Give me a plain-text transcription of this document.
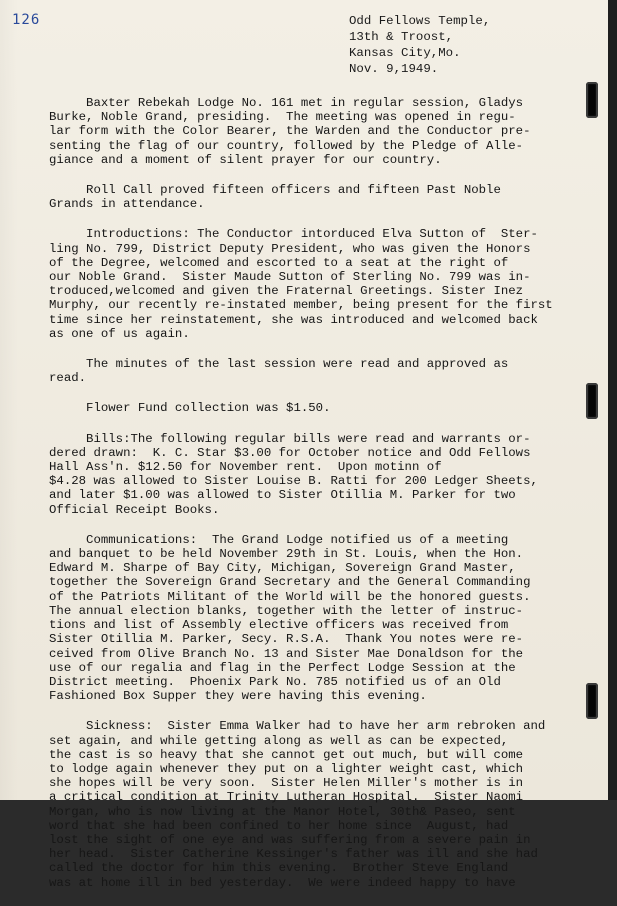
126	Odd Fellows Temple,
13th & Troost,
Kansas City,Mo.
Nov. 9,1949.
Baxter Rebekah Lodge No. 161 met in regular session, Gladys
Burke, Noble Grand, presiding.  The meeting was opened in regu-
lar form with the Color Bearer, the Warden and the Conductor pre-
senting the flag of our country, followed by the Pledge of Alle-
giance and a moment of silent prayer for our country.
Roll Call proved fifteen officers and fifteen Past Noble
Grands in attendance.
Introductions: The Conductor intorduced Elva Sutton of  Ster-
ling No. 799, District Deputy President, who was given the Honors
of the Degree, welcomed and escorted to a seat at the right of
our Noble Grand.  Sister Maude Sutton of Sterling No. 799 was in-
troduced,welcomed and given the Fraternal Greetings. Sister Inez
Murphy, our recently re-instated member, being present for the first
time since her reinstatement, she was introduced and welcomed back
as one of us again.
The minutes of the last session were read and approved as
read.
Flower Fund collection was $1.50.
Bills:The following regular bills were read and warrants or-
dered drawn:  K. C. Star $3.00 for October notice and Odd Fellows
Hall Ass'n. $12.50 for November rent.  Upon motinn of
$4.28 was allowed to Sister Louise B. Ratti for 200 Ledger Sheets,
and later $1.00 was allowed to Sister Otillia M. Parker for two
Official Receipt Books.
Communications:  The Grand Lodge notified us of a meeting
and banquet to be held November 29th in St. Louis, when the Hon.
Edward M. Sharpe of Bay City, Michigan, Sovereign Grand Master,
together the Sovereign Grand Secretary and the General Commanding
of the Patriots Militant of the World will be the honored guests.
The annual election blanks, together with the letter of instruc-
tions and list of Assembly elective officers was received from
Sister Otillia M. Parker, Secy. R.S.A.  Thank You notes were re-
ceived from Olive Branch No. 13 and Sister Mae Donaldson for the
use of our regalia and flag in the Perfect Lodge Session at the
District meeting.  Phoenix Park No. 785 notified us of an Old
Fashioned Box Supper they were having this evening.
Sickness:  Sister Emma Walker had to have her arm rebroken and
set again, and while getting along as well as can be expected,
the cast is so heavy that she cannot get out much, but will come
to lodge again whenever they put on a lighter weight cast, which
she hopes will be very soon.  Sister Helen Miller's mother is in
a critical condition at Trinity Lutheran Hospital.  Sister Naomi
Morgan, who is now living at the Manor Hotel, 30th& Paseo, sent
word that she had been confined to her home since  August, had
lost the sight of one eye and was suffering from a severe pain in
her head.  Sister Catherine Kessinger's father was ill and she had
called the doctor for him this evening.  Brother Steve England
was at home ill in bed yesterday.  We were indeed happy to have
